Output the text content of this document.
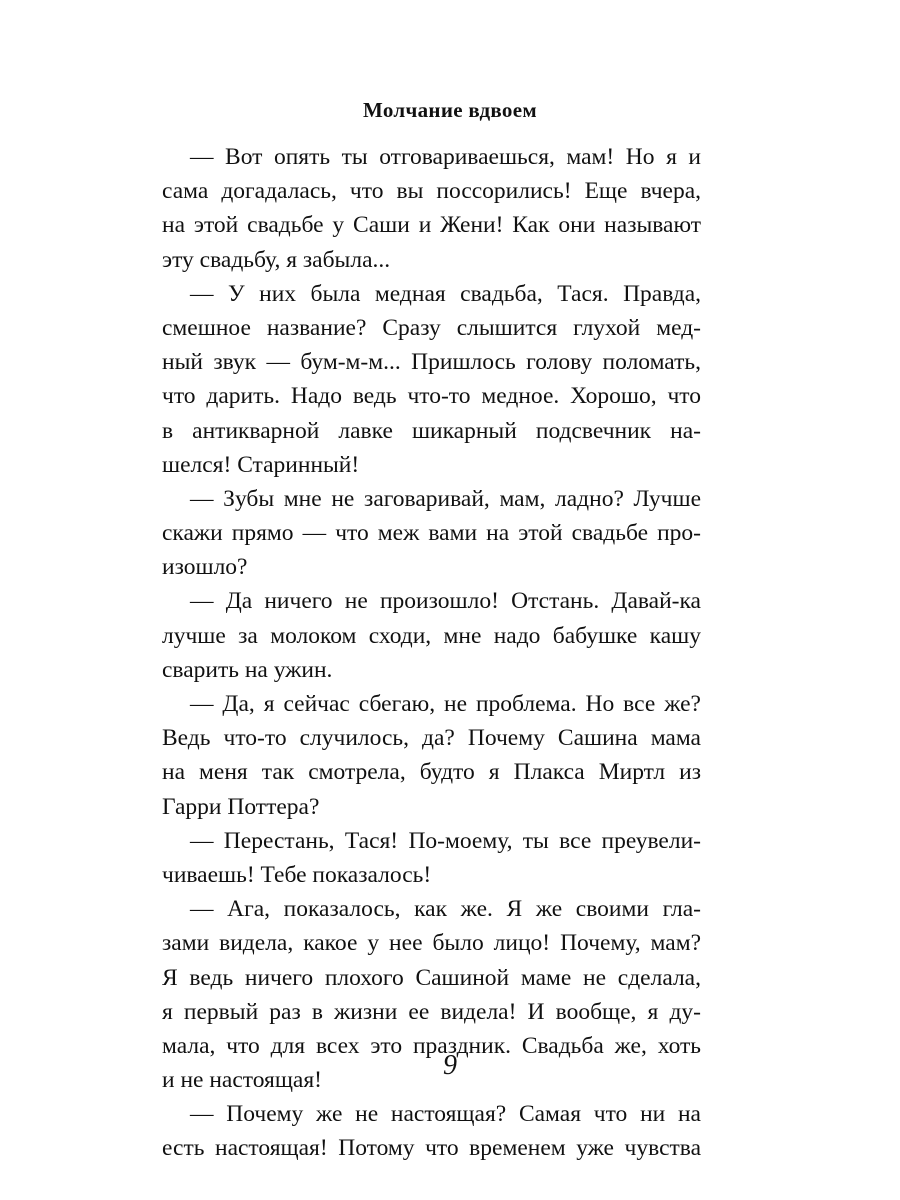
Молчание вдвоем
— Вот опять ты отговариваешься, мам! Но я и
сама догадалась, что вы поссорились! Еще вчера,
на этой свадьбе у Саши и Жени! Как они называют
эту свадьбу, я забыла...
— У них была медная свадьба, Тася. Правда,
смешное название? Сразу слышится глухой мед-
ный звук — бум-м-м... Пришлось голову поломать,
что дарить. Надо ведь что-то медное. Хорошо, что
в антикварной лавке шикарный подсвечник на-
шелся! Старинный!
— Зубы мне не заговаривай, мам, ладно? Лучше
скажи прямо — что меж вами на этой свадьбе про-
изошло?
— Да ничего не произошло! Отстань. Давай-ка
лучше за молоком сходи, мне надо бабушке кашу
сварить на ужин.
— Да, я сейчас сбегаю, не проблема. Но все же?
Ведь что-то случилось, да? Почему Сашина мама
на меня так смотрела, будто я Плакса Миртл из
Гарри Поттера?
— Перестань, Тася! По-моему, ты все преувели-
чиваешь! Тебе показалось!
— Ага, показалось, как же. Я же своими гла-
зами видела, какое у нее было лицо! Почему, мам?
Я ведь ничего плохого Сашиной маме не сделала,
я первый раз в жизни ее видела! И вообще, я ду-
мала, что для всех это праздник. Свадьба же, хоть
и не настоящая!
— Почему же не настоящая? Самая что ни на
есть настоящая! Потому что временем уже чувства
9
